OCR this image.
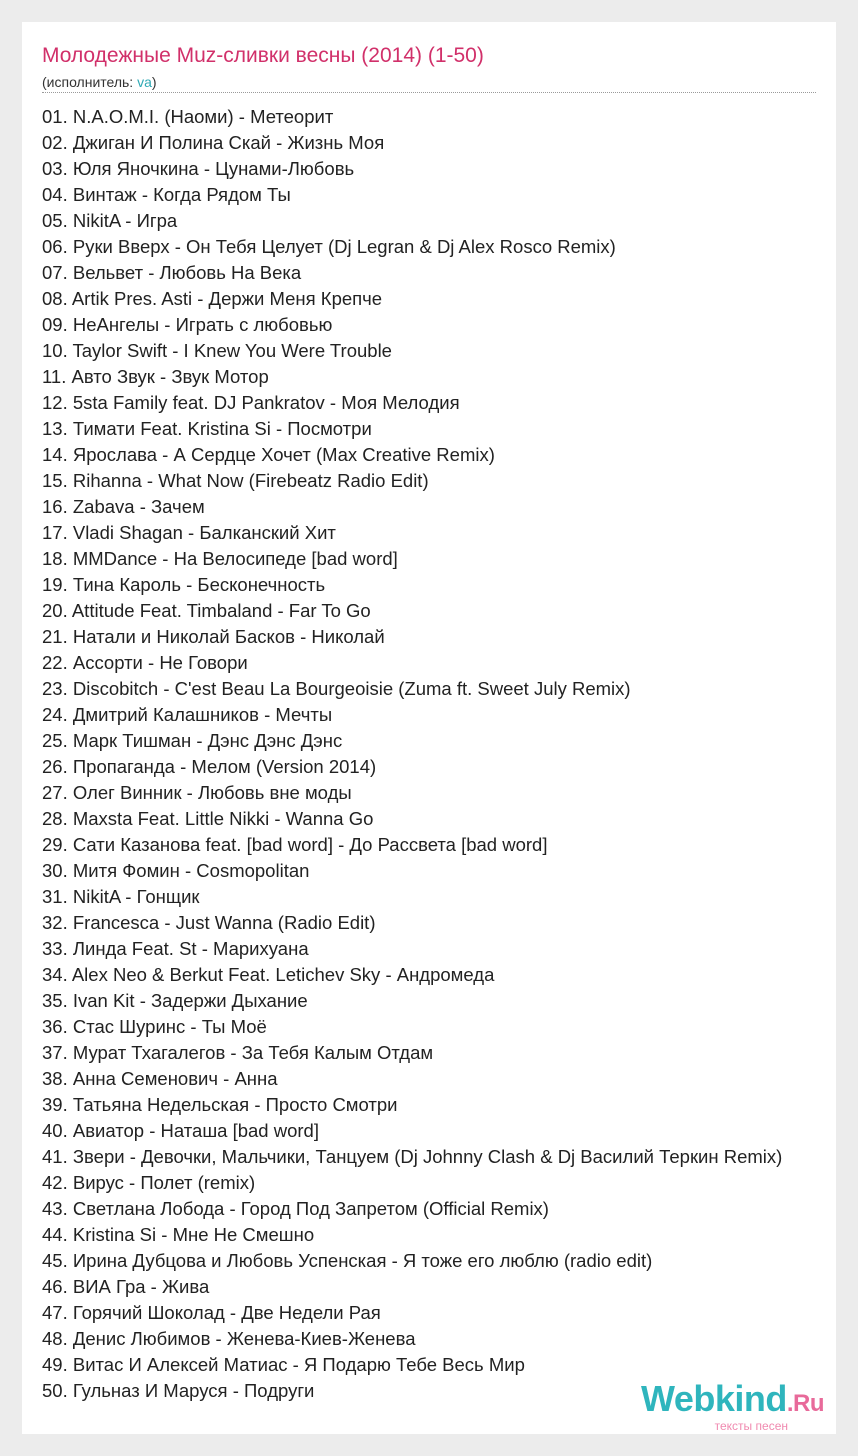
Молодежные Muz-сливки весны (2014) (1-50)
(исполнитель: va)
01. N.A.O.M.I. (Наоми) - Метеорит
02. Джиган И Полина Скай - Жизнь Моя
03. Юля Яночкина - Цунами-Любовь
04. Винтаж - Когда Рядом Ты
05. NikitA - Игра
06. Руки Вверх - Он Тебя Целует (Dj Legran & Dj Alex Rosco Remix)
07. Вельвет - Любовь На Века
08. Artik Pres. Asti - Держи Меня Крепче
09. НеАнгелы - Играть с любовью
10. Taylor Swift - I Knew You Were Trouble
11. Авто Звук - Звук Мотор
12. 5sta Family feat. DJ Pankratov - Моя Мелодия
13. Тимати Feat. Kristina Si - Посмотри
14. Ярослава - А Сердце Хочет (Max Creative Remix)
15. Rihanna - What Now (Firebeatz Radio Edit)
16. Zabava - Зачем
17. Vladi Shagan - Балканский Хит
18. MMDance - На Велосипеде [bad word]
19. Тина Кароль - Бесконечность
20. Attitude Feat. Timbaland - Far To Go
21. Натали и Николай Басков - Николай
22. Ассорти - Не Говори
23. Discobitch - C'est Beau La Bourgeoisie (Zuma ft. Sweet July Remix)
24. Дмитрий Калашников - Мечты
25. Марк Тишман - Дэнс Дэнс Дэнс
26. Пропаганда - Мелом (Version 2014)
27. Олег Винник - Любовь вне моды
28. Maxsta Feat. Little Nikki - Wanna Go
29. Сати Казанова feat. [bad word] - До Рассвета [bad word]
30. Митя Фомин - Cosmopolitan
31. NikitA - Гонщик
32. Francesca - Just Wanna (Radio Edit)
33. Линда Feat. St - Марихуана
34. Alex Neo & Berkut Feat. Letichev Sky - Андромеда
35. Ivan Kit - Задержи Дыхание
36. Стас Шуринс - Ты Моё
37. Мурат Тхагалегов - За Тебя Калым Отдам
38. Анна Семенович - Анна
39. Татьяна Недельская - Просто Смотри
40. Авиатор - Наташа [bad word]
41. Звери - Девочки, Мальчики, Танцуем (Dj Johnny Clash & Dj Василий Теркин Remix)
42. Вирус - Полет (remix)
43. Светлана Лобода - Город Под Запретом (Official Remix)
44. Kristina Si - Мне Не Смешно
45. Ирина Дубцова и Любовь Успенская - Я тоже его люблю (radio edit)
46. ВИА Гра - Жива
47. Горячий Шоколад - Две Недели Рая
48. Денис Любимов - Женева-Киев-Женева
49. Витас И Алексей Матиас - Я Подарю Тебе Весь Мир
50. Гульназ И Маруся - Подруги	Webkind.Ru
тексты песен
